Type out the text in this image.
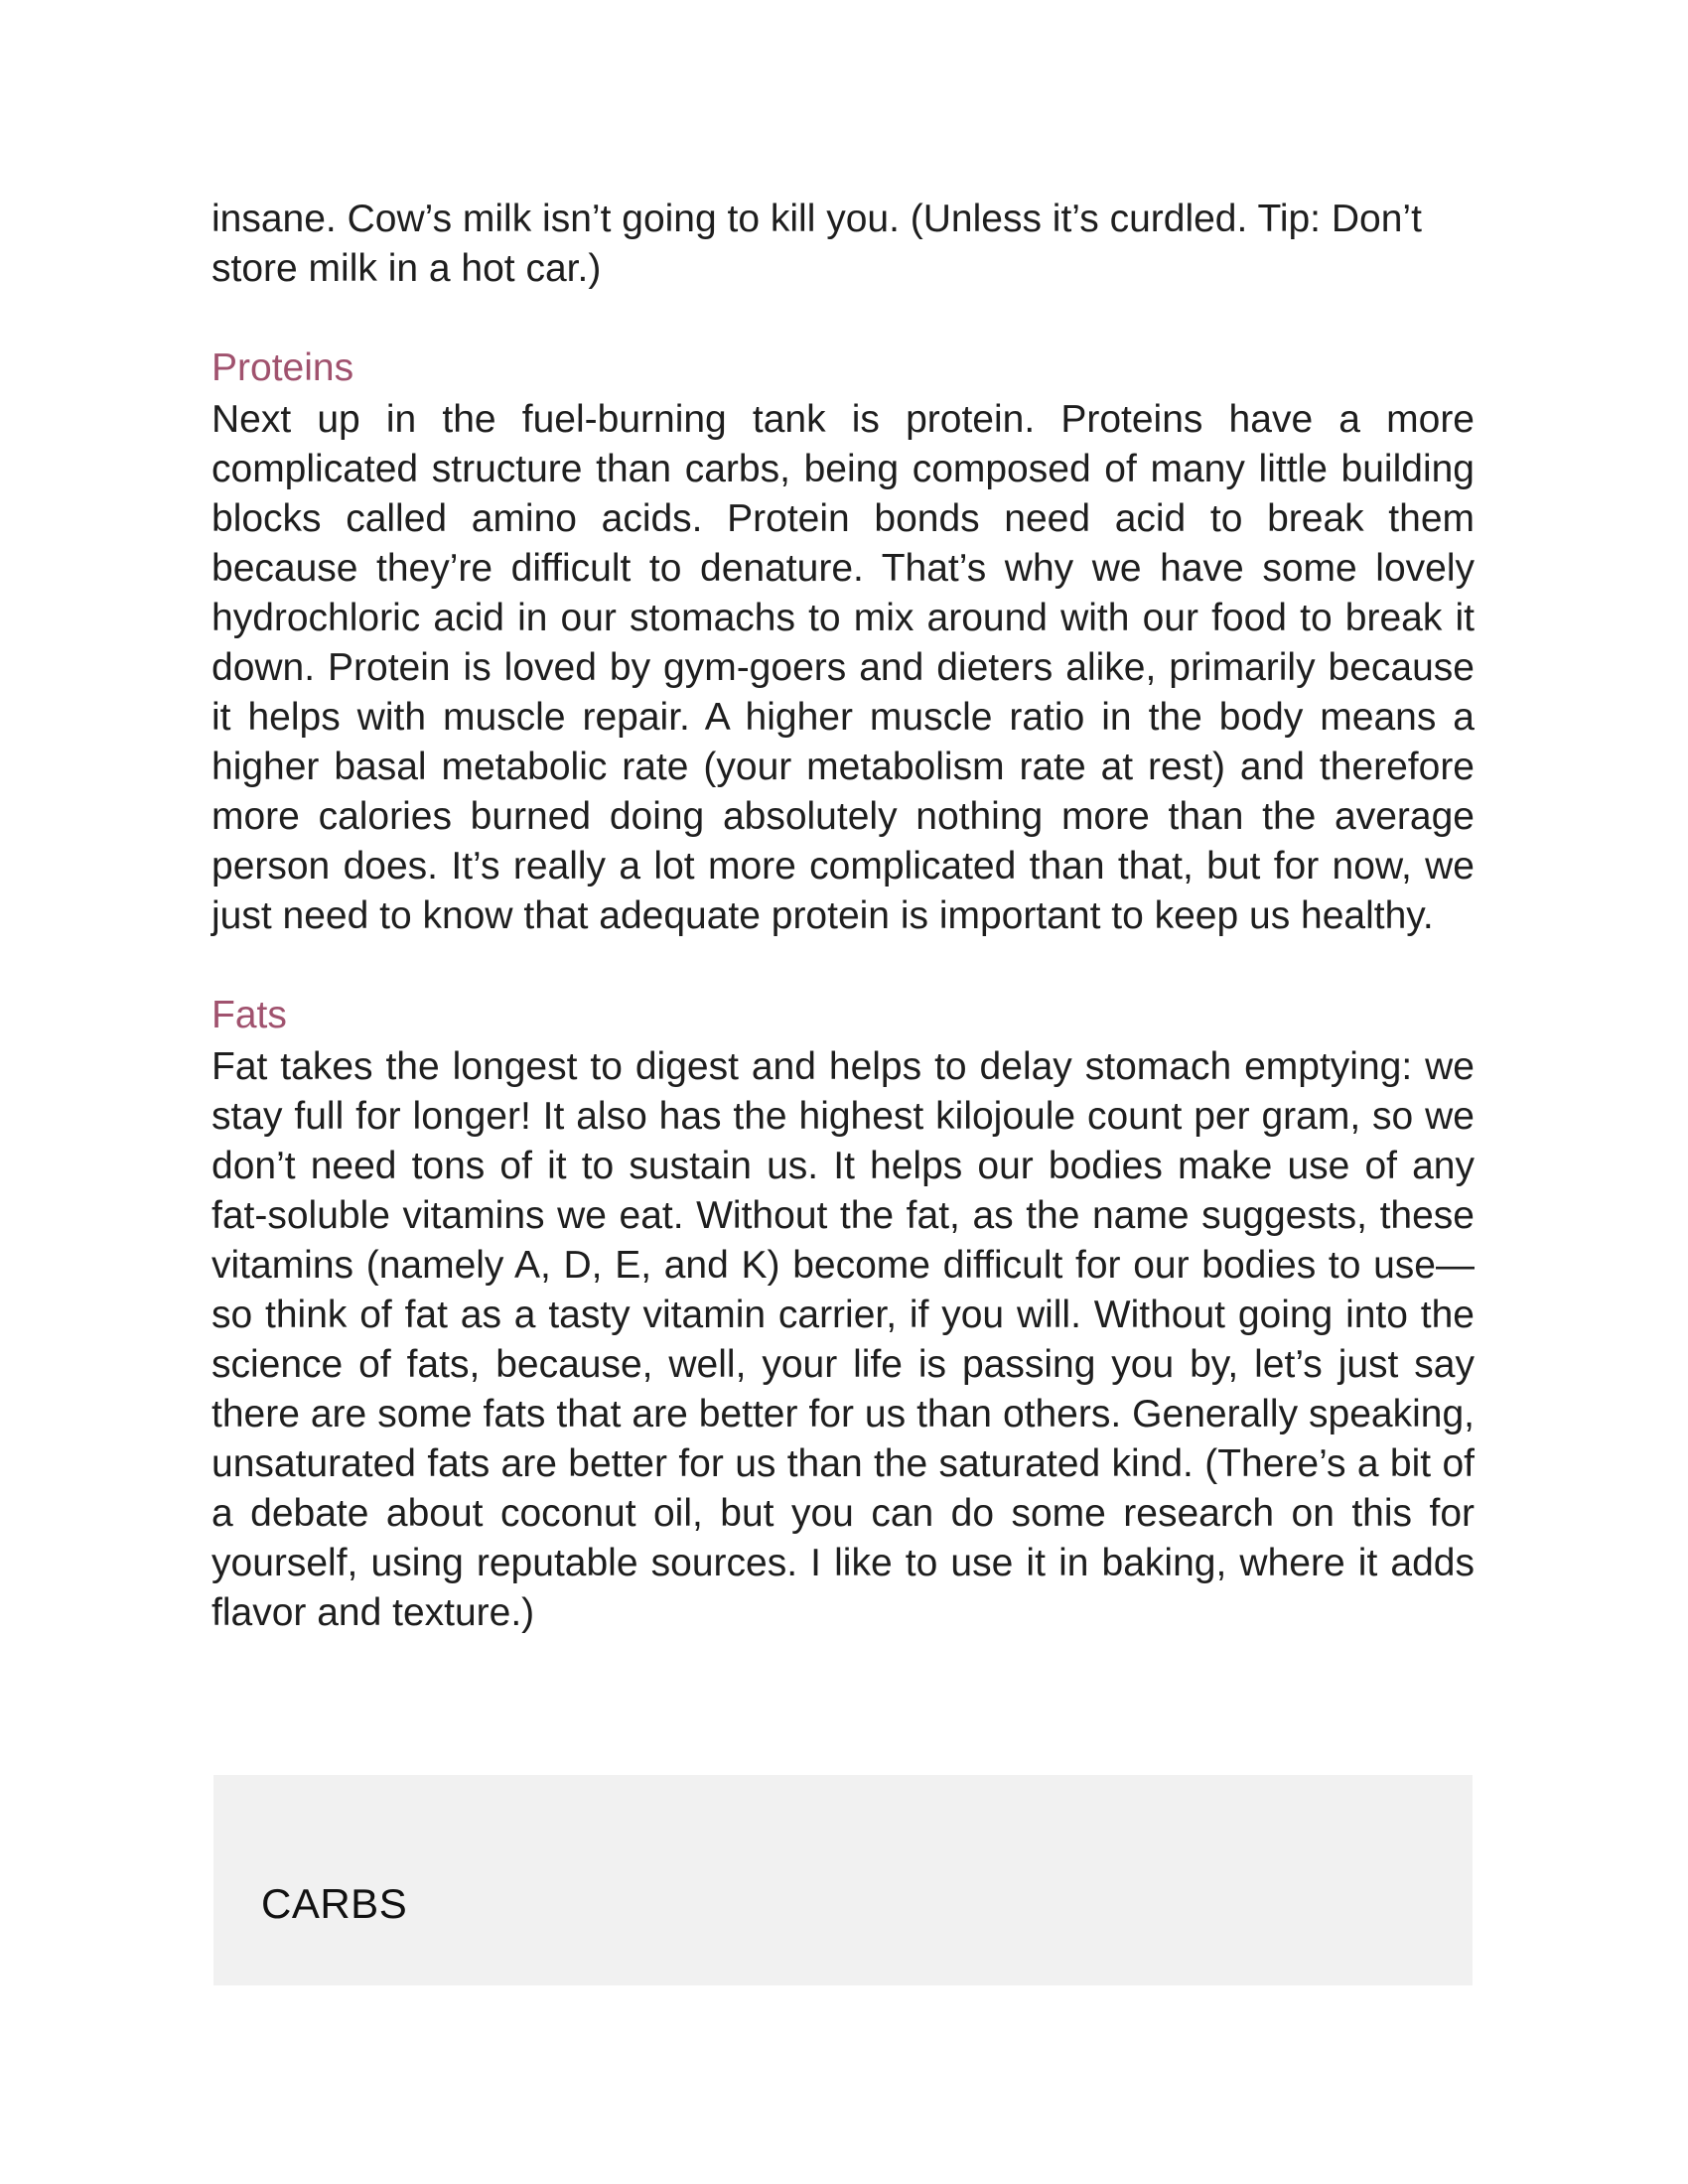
insane. Cow’s milk isn’t going to kill you. (Unless it’s curdled. Tip: Don’t store milk in a hot car.)

Proteins

Next up in the fuel-burning tank is protein. Proteins have a more complicated structure than carbs, being composed of many little building blocks called amino acids. Protein bonds need acid to break them because they’re difficult to denature. That’s why we have some lovely hydrochloric acid in our stomachs to mix around with our food to break it down. Protein is loved by gym-goers and dieters alike, primarily because it helps with muscle repair. A higher muscle ratio in the body means a higher basal metabolic rate (your metabolism rate at rest) and therefore more calories burned doing absolutely nothing more than the average person does. It’s really a lot more complicated than that, but for now, we just need to know that adequate protein is important to keep us healthy.

Fats

Fat takes the longest to digest and helps to delay stomach emptying: we stay full for longer! It also has the highest kilojoule count per gram, so we don’t need tons of it to sustain us. It helps our bodies make use of any fat-soluble vitamins we eat. Without the fat, as the name suggests, these vitamins (namely A, D, E, and K) become difficult for our bodies to use—so think of fat as a tasty vitamin carrier, if you will. Without going into the science of fats, because, well, your life is passing you by, let’s just say there are some fats that are better for us than others. Generally speaking, unsaturated fats are better for us than the saturated kind. (There’s a bit of a debate about coconut oil, but you can do some research on this for yourself, using reputable sources. I like to use it in baking, where it adds flavor and texture.)

CARBS
